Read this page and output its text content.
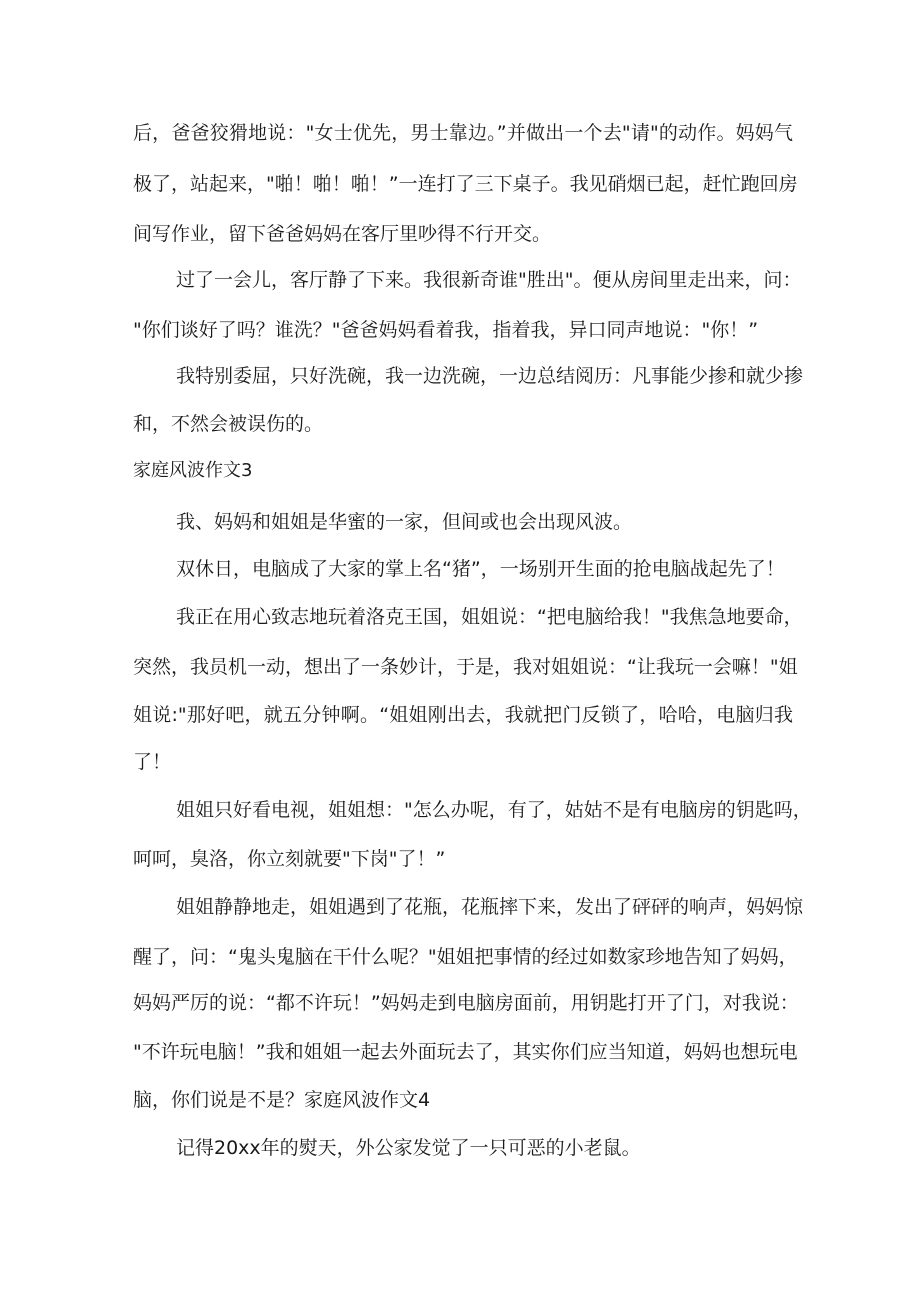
后，爸爸狡猾地说："女士优先，男士靠边。”并做出一个去"请"的动作。妈妈气
极了，站起来，"啪！啪！啪！”一连打了三下桌子。我见硝烟已起，赶忙跑回房
间写作业，留下爸爸妈妈在客厅里吵得不行开交。
过了一会儿，客厅静了下来。我很新奇谁"胜出"。便从房间里走出来，问：
"你们谈好了吗？谁洗？"爸爸妈妈看着我，指着我，异口同声地说："你！”
我特别委屈，只好洗碗，我一边洗碗，一边总结阅历：凡事能少掺和就少掺
和，不然会被误伤的。
家庭风波作文3
我、妈妈和姐姐是华蜜的一家，但间或也会出现风波。
双休日，电脑成了大家的掌上名“猪”，一场别开生面的抢电脑战起先了！
我正在用心致志地玩着洛克王国，姐姐说：“把电脑给我！"我焦急地要命，
突然，我员机一动，想出了一条妙计，于是，我对姐姐说：“让我玩一会嘛！"姐
姐说:"那好吧，就五分钟啊。“姐姐刚出去，我就把门反锁了，哈哈，电脑归我
了！
姐姐只好看电视，姐姐想："怎么办呢，有了，姑姑不是有电脑房的钥匙吗，
呵呵，臭洛，你立刻就要"下岗"了！”
姐姐静静地走，姐姐遇到了花瓶，花瓶摔下来，发出了砰砰的响声，妈妈惊
醒了，问：“鬼头鬼脑在干什么呢？"姐姐把事情的经过如数家珍地告知了妈妈，
妈妈严厉的说：“都不许玩！”妈妈走到电脑房面前，用钥匙打开了门，对我说：
"不许玩电脑！”我和姐姐一起去外面玩去了，其实你们应当知道，妈妈也想玩电
脑，你们说是不是？家庭风波作文4
记得20xx年的熨天，外公家发觉了一只可恶的小老鼠。
